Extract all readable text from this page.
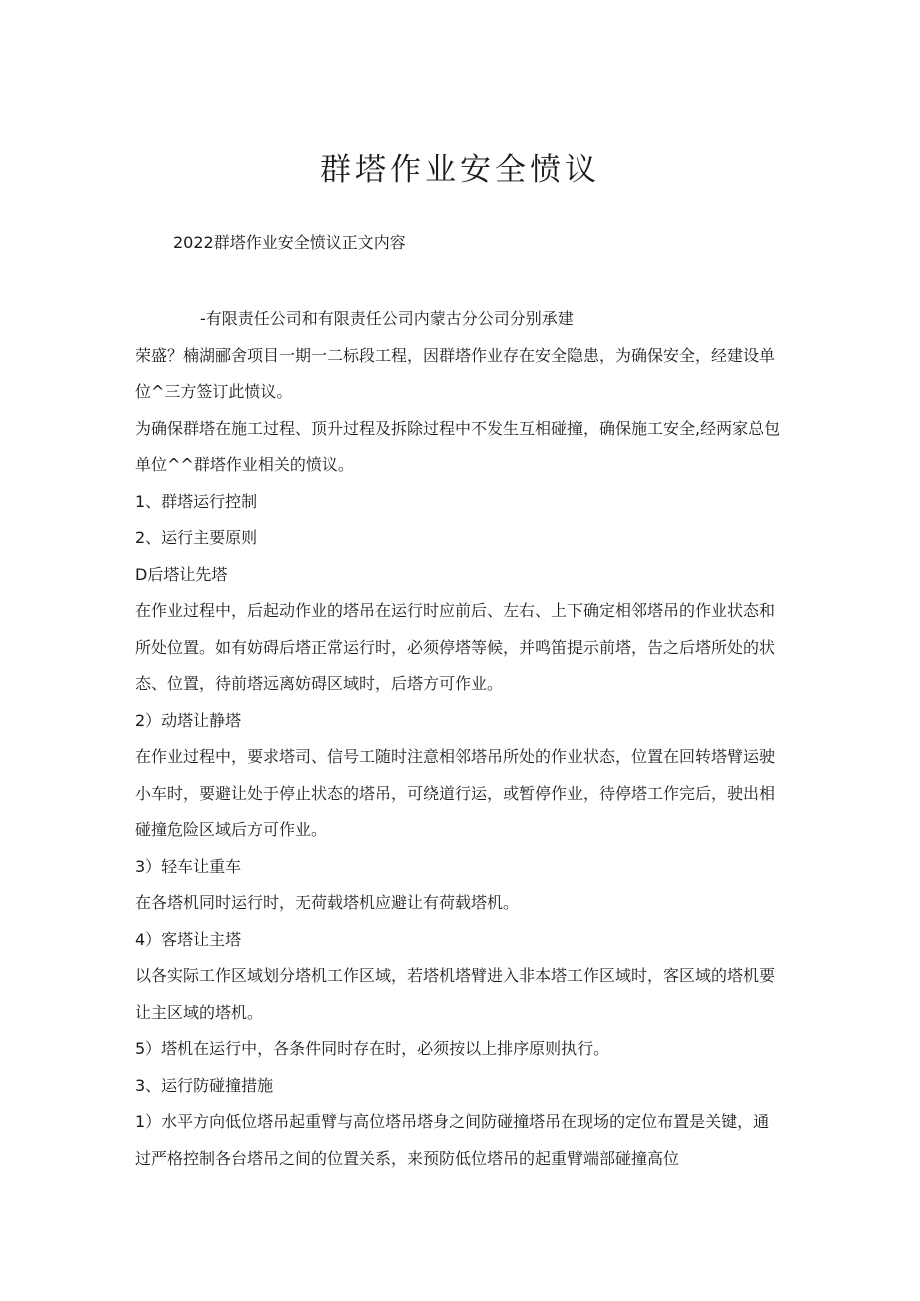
群塔作业安全愤议
2022群塔作业安全愤议正文内容

-有限责任公司和有限责任公司内蒙古分公司分别承建

荣盛？楠湖郦舍项目一期一二标段工程，因群塔作业存在安全隐患，为确保安全，经建设单位^三方签订此愤议。

为确保群塔在施工过程、顶升过程及拆除过程中不发生互相碰撞，确保施工安全,经两家总包单位^^群塔作业相关的愤议。

1、群塔运行控制

2、运行主要原则

D后塔让先塔

在作业过程中，后起动作业的塔吊在运行时应前后、左右、上下确定相邻塔吊的作业状态和所处位置。如有妨碍后塔正常运行时，必须停塔等候，并鸣笛提示前塔，告之后塔所处的状态、位置，待前塔远离妨碍区域时，后塔方可作业。

2）动塔让静塔

在作业过程中，要求塔司、信号工随时注意相邻塔吊所处的作业状态，位置在回转塔臂运驶小车时，要避让处于停止状态的塔吊，可绕道行运，或暂停作业，待停塔工作完后，驶出相碰撞危险区域后方可作业。

3）轻车让重车

在各塔机同时运行时，无荷载塔机应避让有荷载塔机。

4）客塔让主塔

以各实际工作区域划分塔机工作区域，若塔机塔臂进入非本塔工作区域时，客区域的塔机要让主区域的塔机。

5）塔机在运行中，各条件同时存在时，必须按以上排序原则执行。

3、运行防碰撞措施

1）水平方向低位塔吊起重臂与高位塔吊塔身之间防碰撞塔吊在现场的定位布置是关键，通过严格控制各台塔吊之间的位置关系，来预防低位塔吊的起重臂端部碰撞高位
